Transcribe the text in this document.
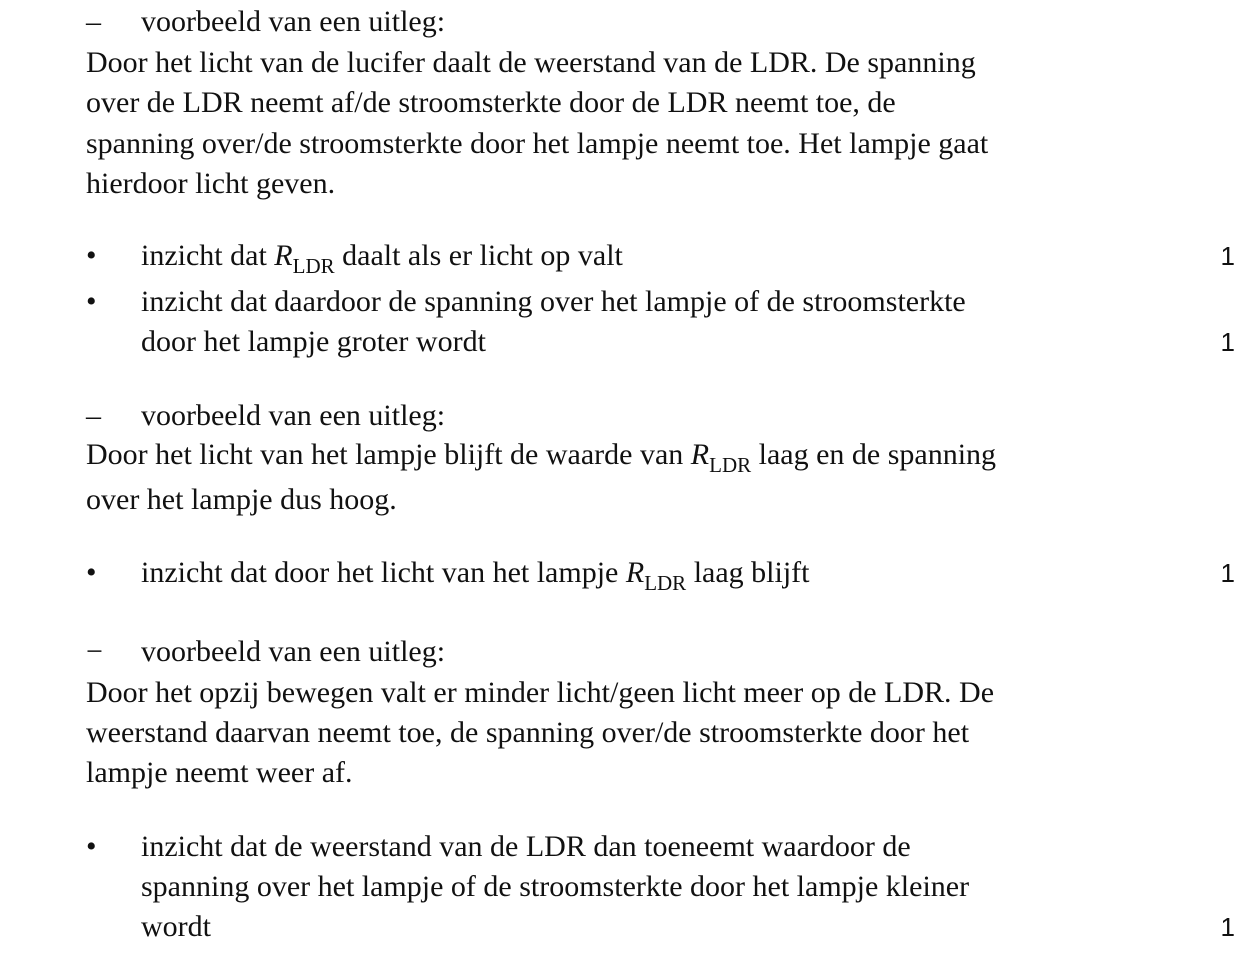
– voorbeeld van een uitleg:
Door het licht van de lucifer daalt de weerstand van de LDR. De spanning
over de LDR neemt af/de stroomsterkte door de LDR neemt toe, de
spanning over/de stroomsterkte door het lampje neemt toe. Het lampje gaat
hierdoor licht geven.
• inzicht dat $R_{LDR}$ daalt als er licht op valt	1
• inzicht dat daardoor de spanning over het lampje of de stroomsterkte
door het lampje groter wordt	1
– voorbeeld van een uitleg:
Door het licht van het lampje blijft de waarde van $R_{LDR}$ laag en de spanning
over het lampje dus hoog.
• inzicht dat door het licht van het lampje $R_{LDR}$ laag blijft	1
− voorbeeld van een uitleg:
Door het opzij bewegen valt er minder licht/geen licht meer op de LDR. De
weerstand daarvan neemt toe, de spanning over/de stroomsterkte door het
lampje neemt weer af.
• inzicht dat de weerstand van de LDR dan toeneemt waardoor de
spanning over het lampje of de stroomsterkte door het lampje kleiner
wordt	1
